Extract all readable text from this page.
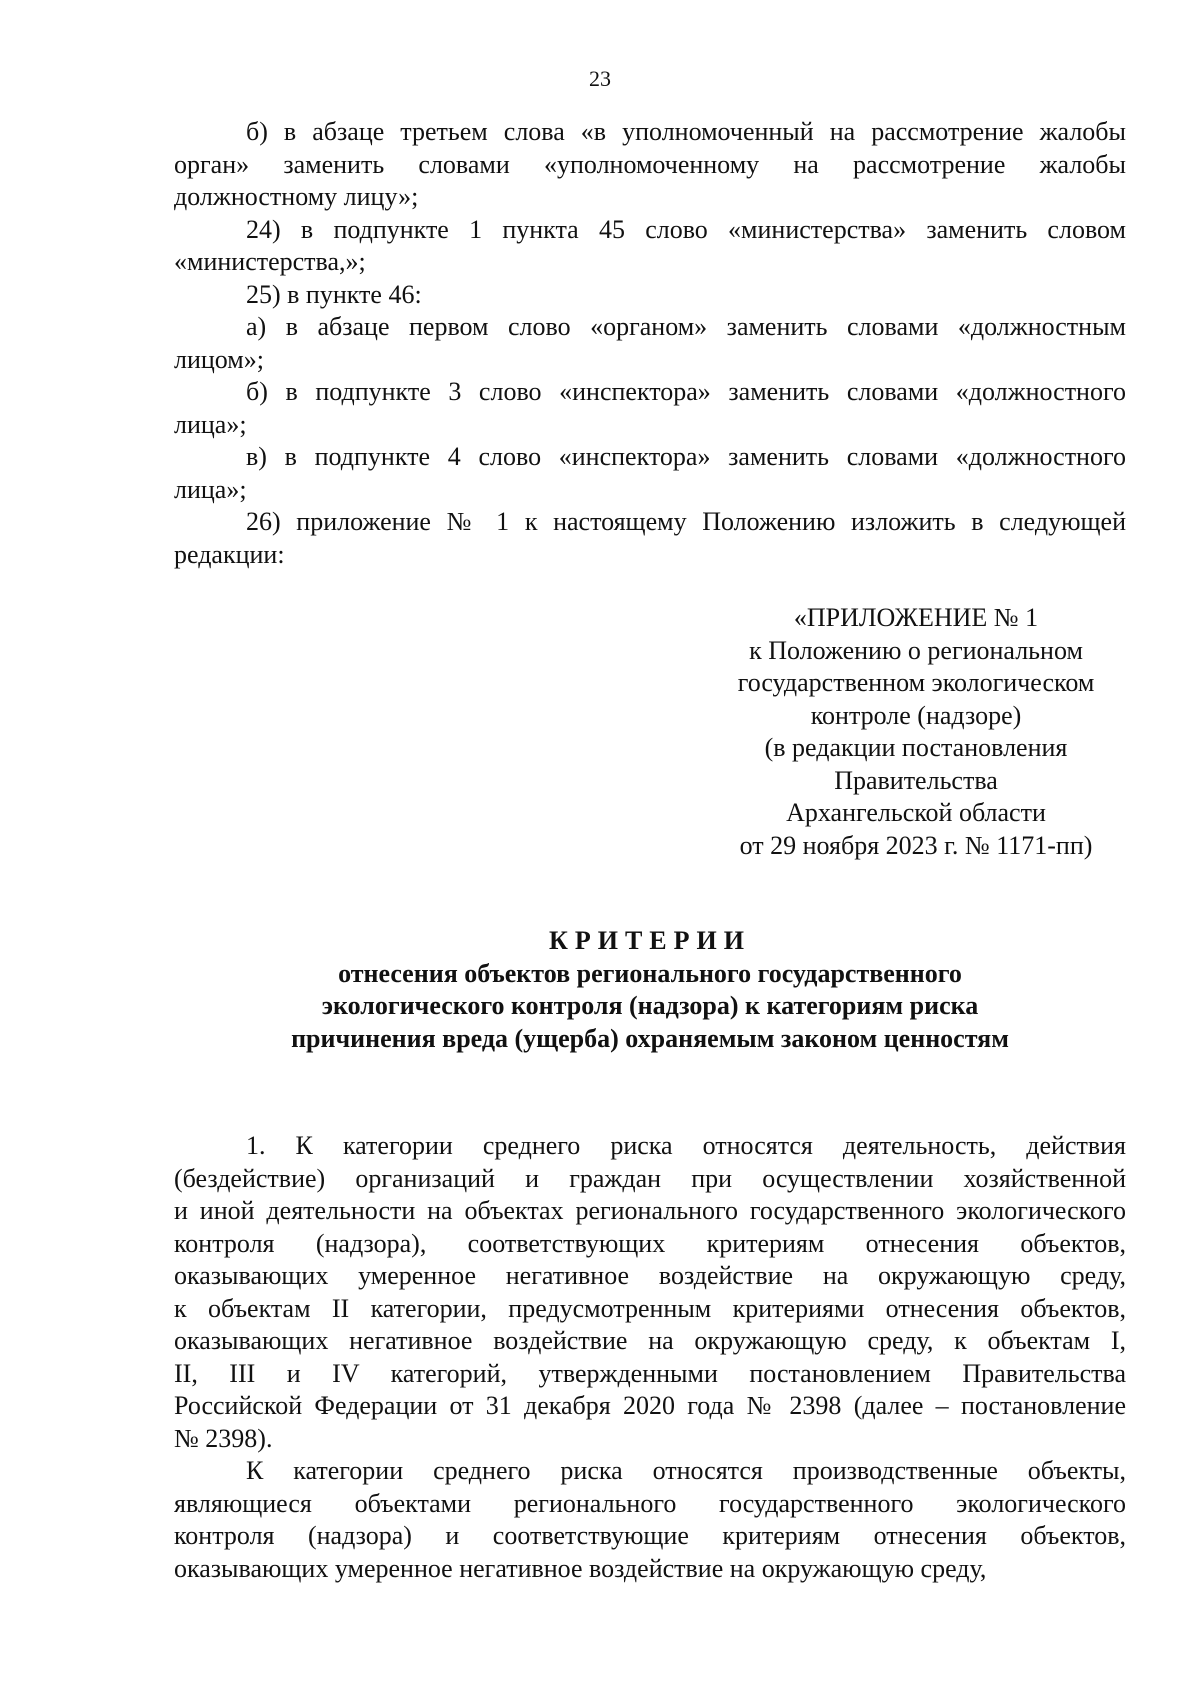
23
б) в абзаце третьем слова «в уполномоченный на рассмотрение жалобы
орган» заменить словами «уполномоченному на рассмотрение жалобы
должностному лицу»;
24) в подпункте 1 пункта 45 слово «министерства» заменить словом
«министерства,»;
25) в пункте 46:
а) в абзаце первом слово «органом» заменить словами «должностным
лицом»;
б) в подпункте 3 слово «инспектора» заменить словами «должностного
лица»;
в) в подпункте 4 слово «инспектора» заменить словами «должностного
лица»;
26) приложение № 1 к настоящему Положению изложить в следующей
редакции:
«ПРИЛОЖЕНИЕ № 1
к Положению о региональном
государственном экологическом
контроле (надзоре)
(в редакции постановления
Правительства
Архангельской области
от 29 ноября 2023 г. № 1171-пп)
КРИТЕРИИ
отнесения объектов регионального государственного
экологического контроля (надзора) к категориям риска
причинения вреда (ущерба) охраняемым законом ценностям
1. К категории среднего риска относятся деятельность, действия
(бездействие) организаций и граждан при осуществлении хозяйственной
и иной деятельности на объектах регионального государственного экологического
контроля (надзора), соответствующих критериям отнесения объектов,
оказывающих умеренное негативное воздействие на окружающую среду,
к объектам II категории, предусмотренным критериями отнесения объектов,
оказывающих негативное воздействие на окружающую среду, к объектам I,
II, III и IV категорий, утвержденными постановлением Правительства
Российской Федерации от 31 декабря 2020 года № 2398 (далее – постановление
№ 2398).
К категории среднего риска относятся производственные объекты,
являющиеся объектами регионального государственного экологического
контроля (надзора) и соответствующие критериям отнесения объектов,
оказывающих умеренное негативное воздействие на окружающую среду,
